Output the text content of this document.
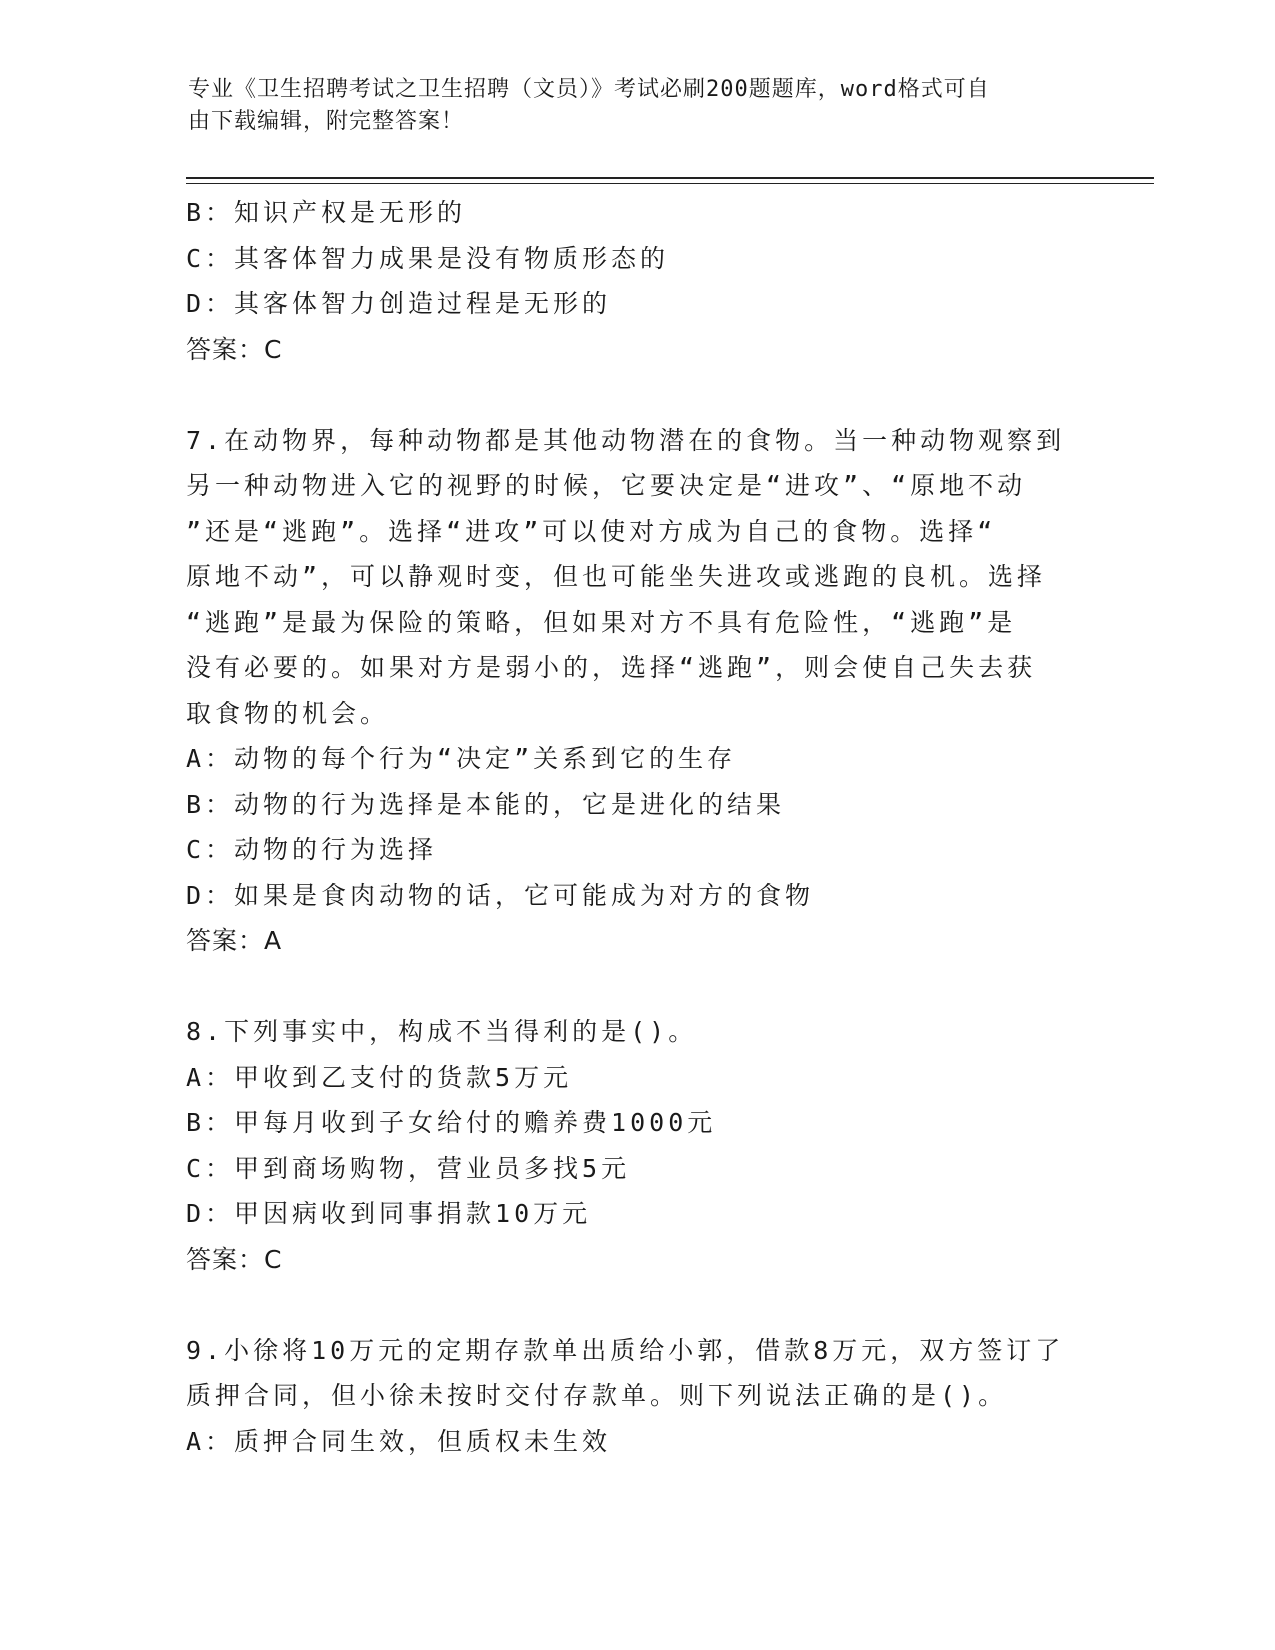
专业《卫生招聘考试之卫生招聘（文员）》考试必刷200题题库，word格式可自
由下载编辑，附完整答案！
B：知识产权是无形的
C：其客体智力成果是没有物质形态的
D：其客体智力创造过程是无形的
答案：C
7.在动物界，每种动物都是其他动物潜在的食物。当一种动物观察到
另一种动物进入它的视野的时候，它要决定是“进攻”、“原地不动
”还是“逃跑”。选择“进攻”可以使对方成为自己的食物。选择“
原地不动”，可以静观时变，但也可能坐失进攻或逃跑的良机。选择
“逃跑”是最为保险的策略，但如果对方不具有危险性，“逃跑”是
没有必要的。如果对方是弱小的，选择“逃跑”，则会使自己失去获
取食物的机会。
A：动物的每个行为“决定”关系到它的生存
B：动物的行为选择是本能的，它是进化的结果
C：动物的行为选择
D：如果是食肉动物的话，它可能成为对方的食物
答案：A
8.下列事实中，构成不当得利的是()。
A：甲收到乙支付的货款5万元
B：甲每月收到子女给付的赡养费1000元
C：甲到商场购物，营业员多找5元
D：甲因病收到同事捐款10万元
答案：C
9.小徐将10万元的定期存款单出质给小郭，借款8万元，双方签订了
质押合同，但小徐未按时交付存款单。则下列说法正确的是()。
A：质押合同生效，但质权未生效
